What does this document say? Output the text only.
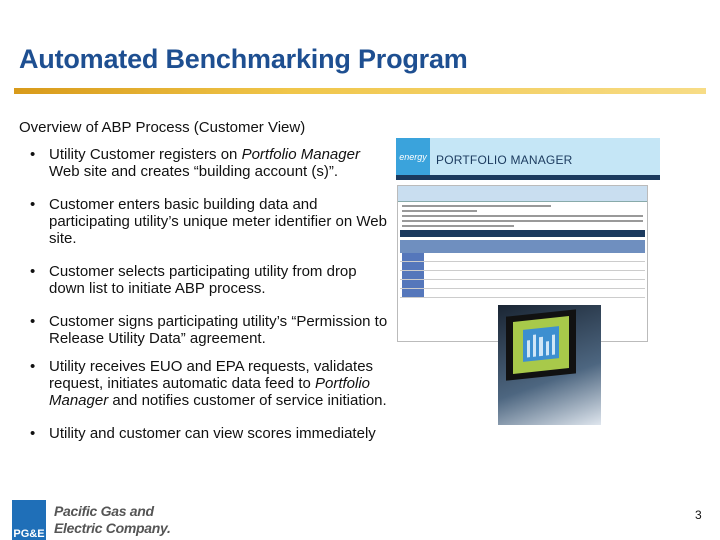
Automated Benchmarking Program
Overview of ABP Process (Customer View)
• Utility Customer registers on Portfolio Manager Web site and creates “building account (s)”.
• Customer enters basic building data and participating utility’s unique meter identifier on Web site.
• Customer selects participating utility from drop down list to initiate ABP process.
• Customer signs participating utility’s “Permission to Release Utility Data” agreement.
• Utility receives EUO and EPA requests, validates request, initiates automatic data feed to Portfolio Manager and notifies customer of service initiation.
• Utility and customer can view scores immediately
energy PORTFOLIO MANAGER
PG&E
Pacific Gas and
Electric Company.
3
